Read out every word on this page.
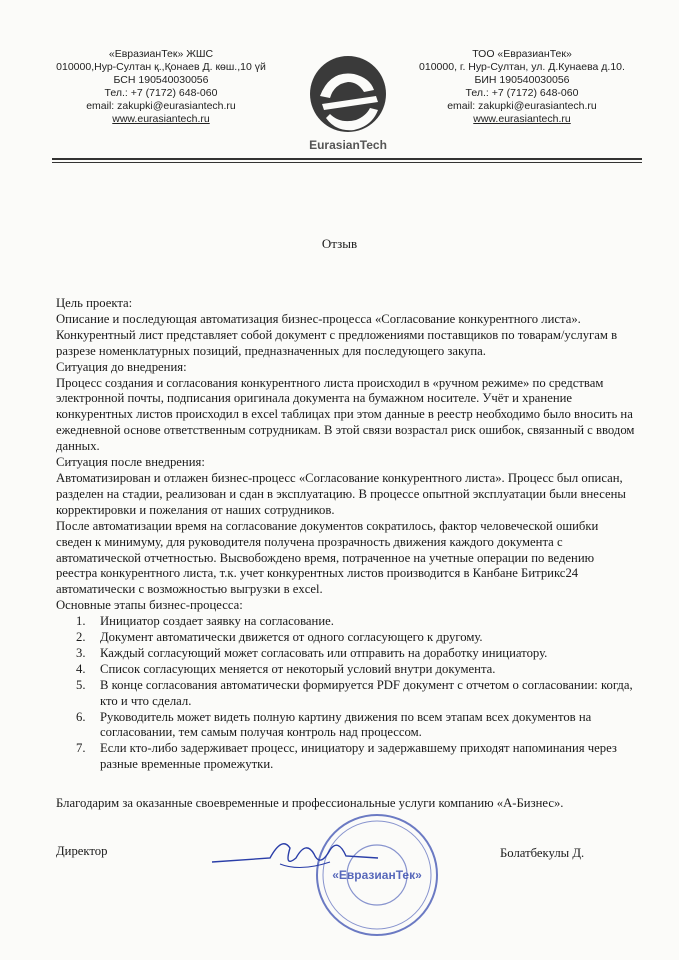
«ЕвразианТек» ЖШС
010000,Нур-Султан қ.,Қонаев Д. көш.,10 үй
БСН 190540030056
Тел.: +7 (7172) 648-060
email: zakupki@eurasiantech.ru
www.eurasiantech.ru
EurasianTech
ТОО «ЕвразианТек»
010000, г. Нур-Султан, ул. Д.Кунаева д.10.
БИН 190540030056
Тел.: +7 (7172) 648-060
email: zakupki@eurasiantech.ru
www.eurasiantech.ru
Отзыв

Цель проекта:

Описание и последующая автоматизация бизнес-процесса «Согласование конкурентного листа». Конкурентный лист представляет собой документ с предложениями поставщиков по товарам/услугам в разрезе номенклатурных позиций, предназначенных для последующего закупа.

Ситуация до внедрения:

Процесс создания и согласования конкурентного листа происходил в «ручном режиме» по средствам электронной почты, подписания оригинала документа на бумажном носителе. Учёт и хранение конкурентных листов происходил в excel таблицах при этом данные в реестр необходимо было вносить на ежедневной основе ответственным сотрудникам. В этой связи возрастал риск ошибок, связанный с вводом данных.

Ситуация после внедрения:

Автоматизирован и отлажен бизнес-процесс «Согласование конкурентного листа». Процесс был описан, разделен на стадии, реализован и сдан в эксплуатацию. В процессе опытной эксплуатации были внесены корректировки и пожелания от наших сотрудников.

После автоматизации время на согласование документов сократилось, фактор человеческой ошибки сведен к минимуму, для руководителя получена прозрачность движения каждого документа с автоматической отчетностью. Высвобождено время, потраченное на учетные операции по ведению реестра конкурентного листа, т.к. учет конкурентных листов производится в Канбане Битрикс24 автоматически с возможностью выгрузки в excel.

Основные этапы бизнес-процесса:

1. Инициатор создает заявку на согласование.
2. Документ автоматически движется от одного согласующего к другому.
3. Каждый согласующий может согласовать или отправить на доработку инициатору.
4. Список согласующих меняется от некоторый условий внутри документа.
5. В конце согласования автоматически формируется PDF документ с отчетом о согласовании: когда, кто и что сделал.
6. Руководитель может видеть полную картину движения по всем этапам всех документов на согласовании, тем самым получая контроль над процессом.
7. Если кто-либо задерживает процесс, инициатору и задержавшему приходят напоминания через разные временные промежутки.
Благодарим за оказанные своевременные и профессиональные услуги компанию «А-Бизнес».
Директор
«ЕвразианТек»
Болатбекулы Д.
